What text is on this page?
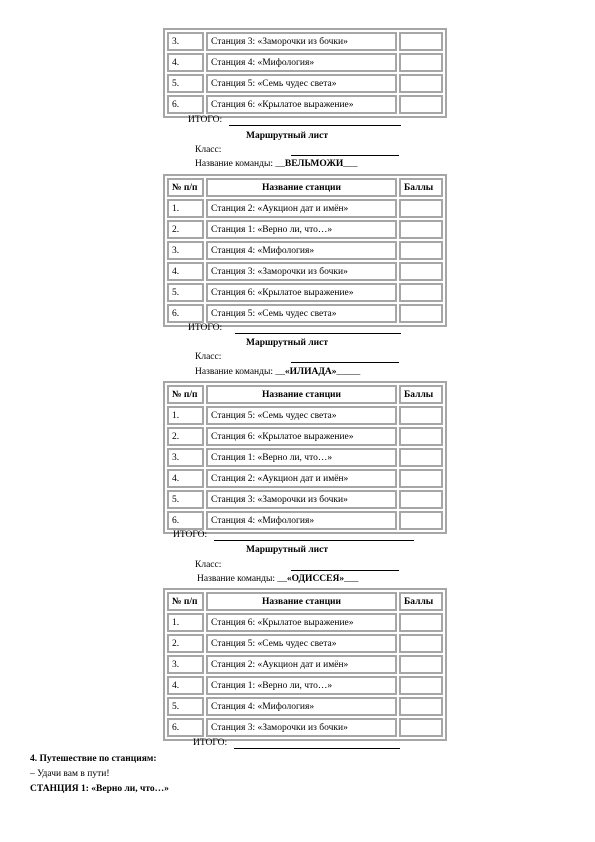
3.	Станция 3: «Заморочки из бочки»	
4.	Станция 4: «Мифология»	
5.	Станция 5: «Семь чудес света»	
6.	Станция 6: «Крылатое выражение»	
ИТОГО:
Маршрутный лист
Класс:
Название команды: __ВЕЛЬМОЖИ___
№ п/п	Название станции	Баллы
1.	Станция 2: «Аукцион дат и имён»	
2.	Станция 1: «Верно ли, что…»	
3.	Станция 4: «Мифология»	
4.	Станция 3: «Заморочки из бочки»	
5.	Станция 6: «Крылатое выражение»	
6.	Станция 5: «Семь чудес света»	
ИТОГО:
Маршрутный лист
Класс:
Название команды: __«ИЛИАДА»_____
№ п/п	Название станции	Баллы
1.	Станция 5: «Семь чудес света»	
2.	Станция 6: «Крылатое выражение»	
3.	Станция 1: «Верно ли, что…»	
4.	Станция 2: «Аукцион дат и имён»	
5.	Станция 3: «Заморочки из бочки»	
6.	Станция 4: «Мифология»	
ИТОГО:
Маршрутный лист
Класс:
Название команды: __«ОДИССЕЯ»___
№ п/п	Название станции	Баллы
1.	Станция 6: «Крылатое выражение»	
2.	Станция 5: «Семь чудес света»	
3.	Станция 2: «Аукцион дат и имён»	
4.	Станция 1: «Верно ли, что…»	
5.	Станция 4: «Мифология»	
6.	Станция 3: «Заморочки из бочки»	
ИТОГО:
4. Путешествие по станциям:
– Удачи вам в пути!
СТАНЦИЯ 1: «Верно ли, что…»
